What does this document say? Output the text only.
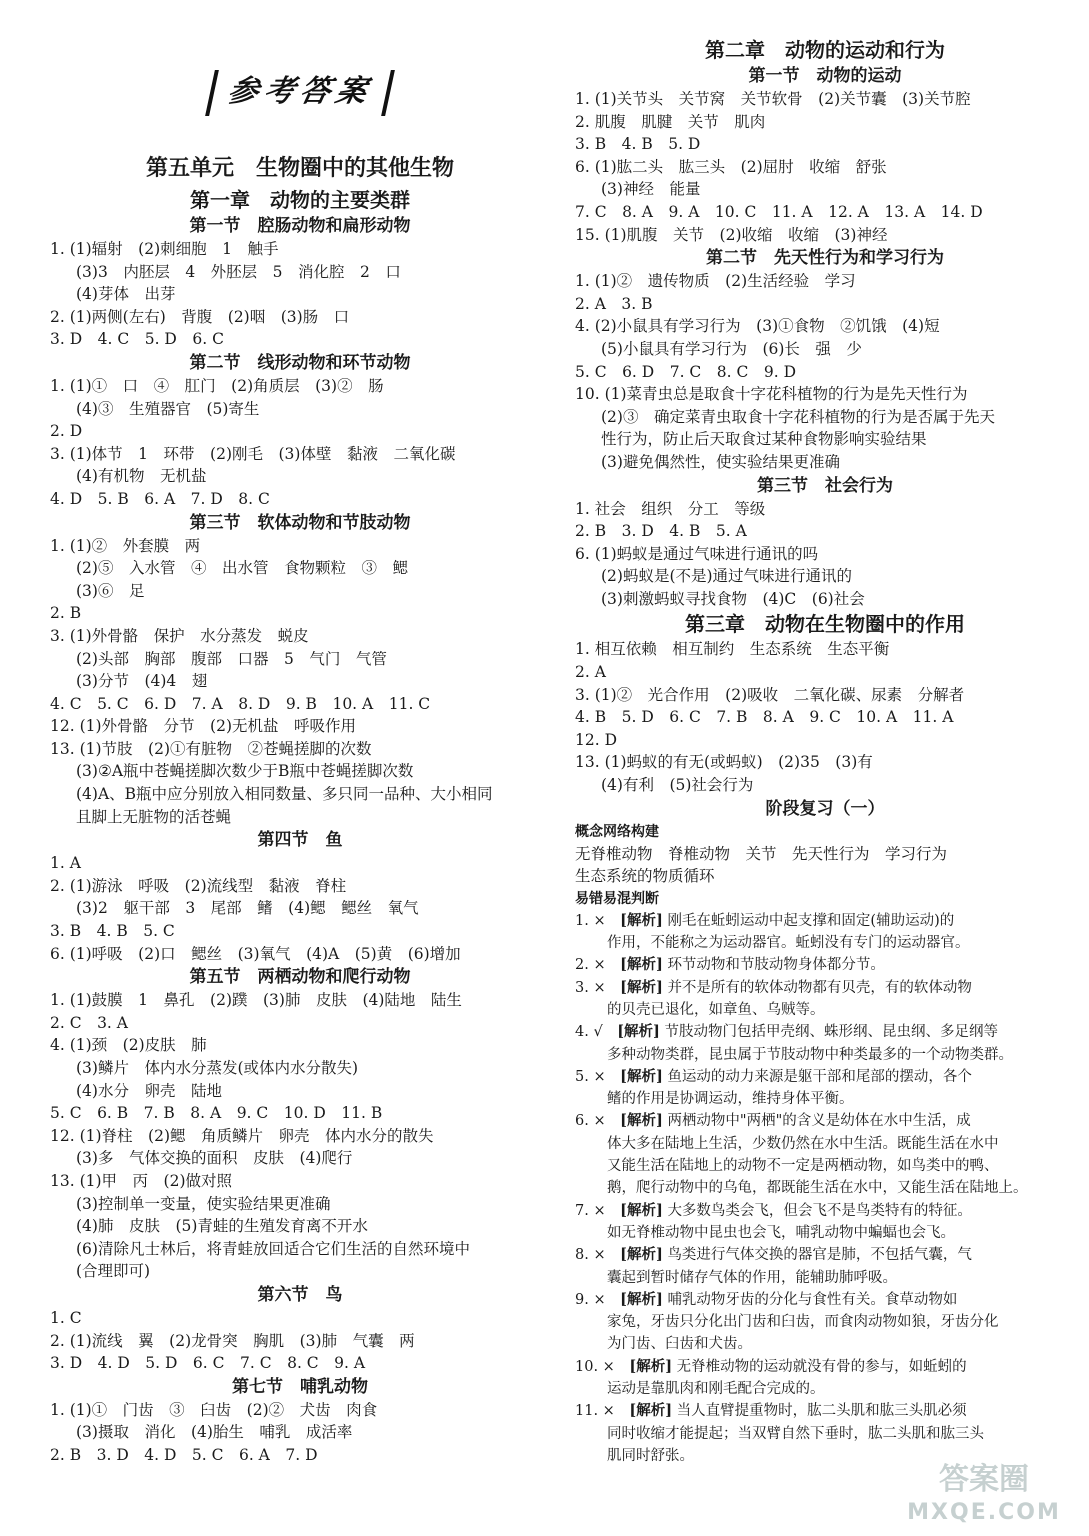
参考答案
第五单元　生物圈中的其他生物
第一章　动物的主要类群
第一节　腔肠动物和扁形动物
1. (1)辐射　(2)刺细胞　1　触手
(3)3　内胚层　4　外胚层　5　消化腔　2　口
(4)芽体　出芽
2. (1)两侧(左右)　背腹　(2)咽　(3)肠　口
3. D　4. C　5. D　6. C
第二节　线形动物和环节动物
1. (1)①　口　④　肛门　(2)角质层　(3)②　肠
(4)③　生殖器官　(5)寄生
2. D
3. (1)体节　1　环带　(2)刚毛　(3)体壁　黏液　二氧化碳
(4)有机物　无机盐
4. D　5. B　6. A　7. D　8. C
第三节　软体动物和节肢动物
1. (1)②　外套膜　两
(2)⑤　入水管　④　出水管　食物颗粒　③　鳃
(3)⑥　足
2. B
3. (1)外骨骼　保护　水分蒸发　蜕皮
(2)头部　胸部　腹部　口器　5　气门　气管
(3)分节　(4)4　翅
4. C　5. C　6. D　7. A　8. D　9. B　10. A　11. C
12. (1)外骨骼　分节　(2)无机盐　呼吸作用
13. (1)节肢　(2)①有脏物　②苍蝇搓脚的次数
(3)②A瓶中苍蝇搓脚次数少于B瓶中苍蝇搓脚次数
(4)A、B瓶中应分别放入相同数量、多只同一品种、大小相同
且脚上无脏物的活苍蝇
第四节　鱼
1. A
2. (1)游泳　呼吸　(2)流线型　黏液　脊柱
(3)2　躯干部　3　尾部　鳍　(4)鳃　鳃丝　氧气
3. B　4. B　5. C
6. (1)呼吸　(2)口　鳃丝　(3)氧气　(4)A　(5)黄　(6)增加
第五节　两栖动物和爬行动物
1. (1)鼓膜　1　鼻孔　(2)蹼　(3)肺　皮肤　(4)陆地　陆生
2. C　3. A
4. (1)颈　(2)皮肤　肺
(3)鳞片　体内水分蒸发(或体内水分散失)
(4)水分　卵壳　陆地
5. C　6. B　7. B　8. A　9. C　10. D　11. B
12. (1)脊柱　(2)鳃　角质鳞片　卵壳　体内水分的散失
(3)多　气体交换的面积　皮肤　(4)爬行
13. (1)甲　丙　(2)做对照
(3)控制单一变量，使实验结果更准确
(4)肺　皮肤　(5)青蛙的生殖发育离不开水
(6)清除凡士林后，将青蛙放回适合它们生活的自然环境中
(合理即可)
第六节　鸟
1. C
2. (1)流线　翼　(2)龙骨突　胸肌　(3)肺　气囊　两
3. D　4. D　5. D　6. C　7. C　8. C　9. A
第七节　哺乳动物
1. (1)①　门齿　③　臼齿　(2)②　犬齿　肉食
(3)摄取　消化　(4)胎生　哺乳　成活率
2. B　3. D　4. D　5. C　6. A　7. D
第二章　动物的运动和行为
第一节　动物的运动
1. (1)关节头　关节窝　关节软骨　(2)关节囊　(3)关节腔
2. 肌腹　肌腱　关节　肌肉
3. B　4. B　5. D
6. (1)肱二头　肱三头　(2)屈肘　收缩　舒张
(3)神经　能量
7. C　8. A　9. A　10. C　11. A　12. A　13. A　14. D
15. (1)肌腹　关节　(2)收缩　收缩　(3)神经
第二节　先天性行为和学习行为
1. (1)②　遗传物质　(2)生活经验　学习
2. A　3. B
4. (2)小鼠具有学习行为　(3)①食物　②饥饿　(4)短
(5)小鼠具有学习行为　(6)长　强　少
5. C　6. D　7. C　8. C　9. D
10. (1)菜青虫总是取食十字花科植物的行为是先天性行为
(2)③　确定菜青虫取食十字花科植物的行为是否属于先天
性行为，防止后天取食过某种食物影响实验结果
(3)避免偶然性，使实验结果更准确
第三节　社会行为
1. 社会　组织　分工　等级
2. B　3. D　4. B　5. A
6. (1)蚂蚁是通过气味进行通讯的吗
(2)蚂蚁是(不是)通过气味进行通讯的
(3)刺激蚂蚁寻找食物　(4)C　(6)社会
第三章　动物在生物圈中的作用
1. 相互依赖　相互制约　生态系统　生态平衡
2. A
3. (1)②　光合作用　(2)吸收　二氧化碳、尿素　分解者
4. B　5. D　6. C　7. B　8. A　9. C　10. A　11. A
12. D
13. (1)蚂蚁的有无(或蚂蚁)　(2)35　(3)有
(4)有利　(5)社会行为
阶段复习（一）
概念网络构建
无脊椎动物　脊椎动物　关节　先天性行为　学习行为
生态系统的物质循环
易错易混判断
1. ×　 [解析] 刚毛在蚯蚓运动中起支撑和固定(辅助运动)的
作用，不能称之为运动器官。蚯蚓没有专门的运动器官。
2. ×　 [解析] 环节动物和节肢动物身体都分节。
3. ×　 [解析] 并不是所有的软体动物都有贝壳，有的软体动物
的贝壳已退化，如章鱼、乌贼等。
4. √　 [解析] 节肢动物门包括甲壳纲、蛛形纲、昆虫纲、多足纲等
多种动物类群，昆虫属于节肢动物中种类最多的一个动物类群。
5. ×　 [解析] 鱼运动的动力来源是躯干部和尾部的摆动，各个
鳍的作用是协调运动，维持身体平衡。
6. ×　 [解析] 两栖动物中"两栖"的含义是幼体在水中生活，成
体大多在陆地上生活，少数仍然在水中生活。既能生活在水中
又能生活在陆地上的动物不一定是两栖动物，如鸟类中的鸭、
鹅，爬行动物中的乌龟，都既能生活在水中，又能生活在陆地上。
7. ×　 [解析] 大多数鸟类会飞，但会飞不是鸟类特有的特征。
如无脊椎动物中昆虫也会飞，哺乳动物中蝙蝠也会飞。
8. ×　 [解析] 鸟类进行气体交换的器官是肺，不包括气囊，气
囊起到暂时储存气体的作用，能辅助肺呼吸。
9. ×　 [解析] 哺乳动物牙齿的分化与食性有关。食草动物如
家兔，牙齿只分化出门齿和臼齿，而食肉动物如狼，牙齿分化
为门齿、臼齿和犬齿。
10. ×　 [解析] 无脊椎动物的运动就没有骨的参与，如蚯蚓的
运动是靠肌肉和刚毛配合完成的。
11. ×　 [解析] 当人直臂提重物时，肱二头肌和肱三头肌必须
同时收缩才能提起；当双臂自然下垂时，肱二头肌和肱三头
肌同时舒张。
答案圈
MXQE.COM
